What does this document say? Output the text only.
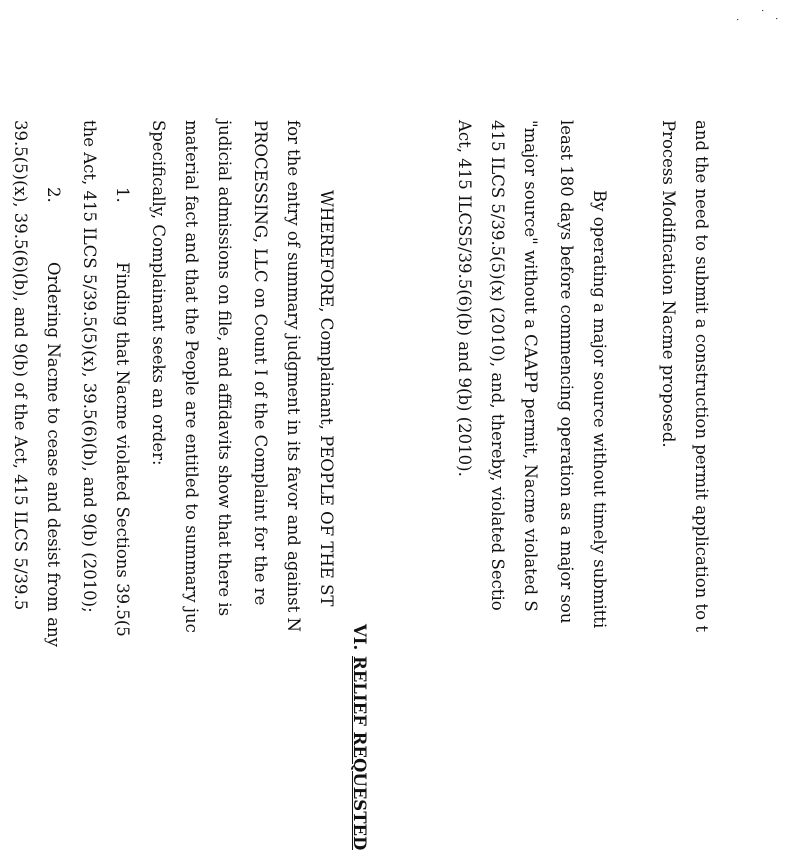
.
.
.
and the need to submit a construction permit application to t
Process Modification Nacme proposed.
By operating a major source without timely submitti
least 180 days before commencing operation as a major sou
"major source" without a CAAPP permit, Nacme violated S
415 ILCS 5/39.5(5)(x) (2010), and, thereby, violated Sectio
Act, 415 ILCS5/39.5(6)(b) and 9(b) (2010).
VI. RELIEF REQUESTED
WHEREFORE, Complainant, PEOPLE OF THE ST
for the entry of summary judgment in its favor and against N
PROCESSING, LLC on Count I of the Complaint for the re
judicial admissions on file, and affidavits show that there is
material fact and that the People are entitled to summary juc
Specifically, Complainant seeks an order:
1.
Finding that Nacme violated Sections 39.5(5
the Act, 415 ILCS 5/39.5(5)(x), 39.5(6)(b), and 9(b) (2010);
2.
Ordering Nacme to cease and desist from any
39.5(5)(x), 39.5(6)(b), and 9(b) of the Act, 415 ILCS 5/39.5
